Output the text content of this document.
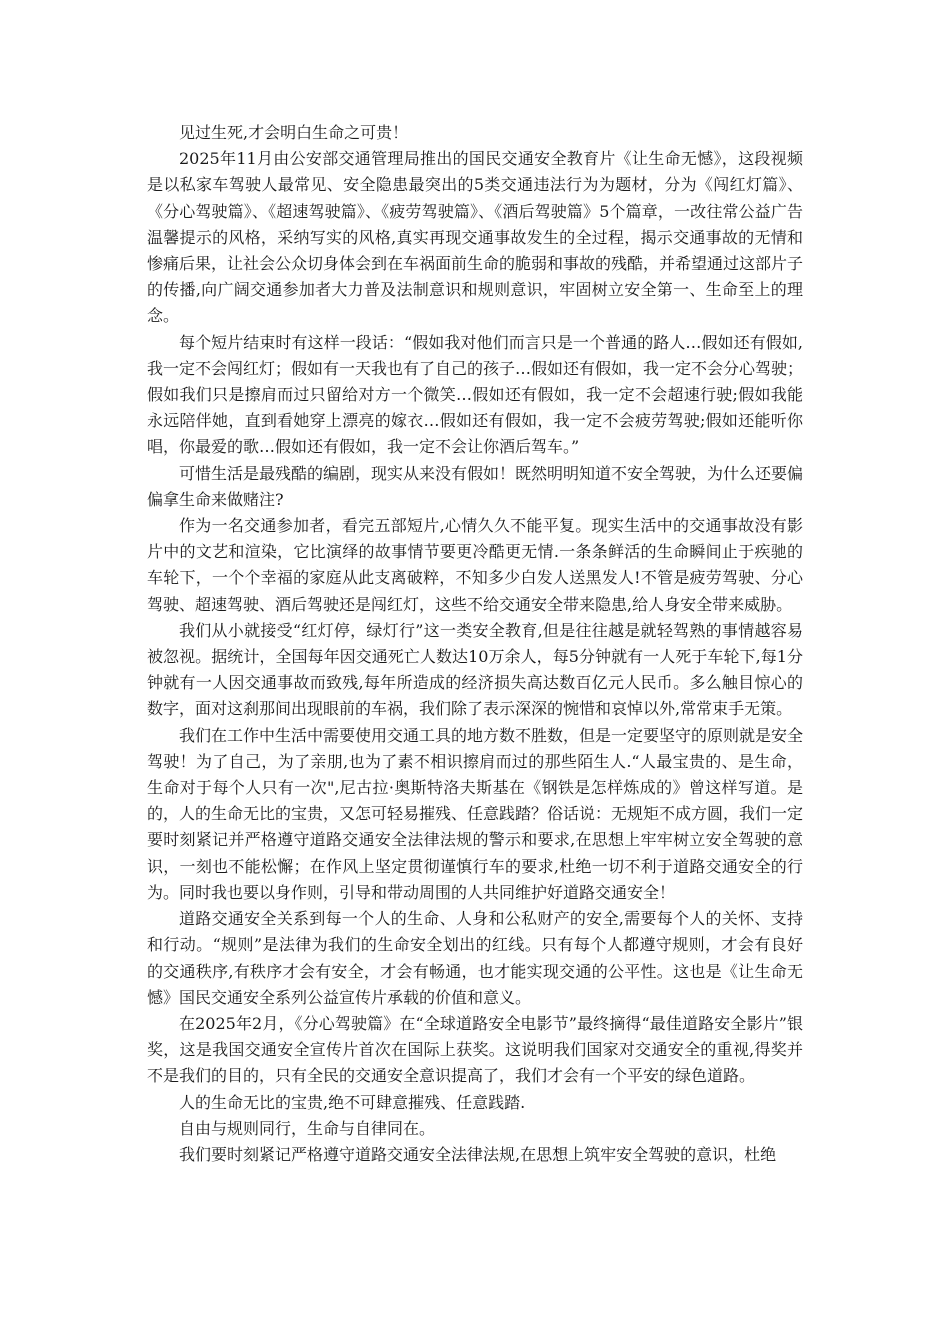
见过生死,才会明白生命之可贵！

2025年11月由公安部交通管理局推出的国民交通安全教育片《让生命无憾》，这段视频是以私家车驾驶人最常见、安全隐患最突出的5类交通违法行为为题材，分为《闯红灯篇》、《分心驾驶篇》、《超速驾驶篇》、《疲劳驾驶篇》、《酒后驾驶篇》5个篇章，一改往常公益广告温馨提示的风格，采纳写实的风格,真实再现交通事故发生的全过程，揭示交通事故的无情和惨痛后果，让社会公众切身体会到在车祸面前生命的脆弱和事故的残酷，并希望通过这部片子的传播,向广阔交通参加者大力普及法制意识和规则意识，牢固树立安全第一、生命至上的理念。

每个短片结束时有这样一段话：“假如我对他们而言只是一个普通的路人…假如还有假如,我一定不会闯红灯；假如有一天我也有了自己的孩子…假如还有假如，我一定不会分心驾驶；假如我们只是擦肩而过只留给对方一个微笑…假如还有假如，我一定不会超速行驶;假如我能永远陪伴她，直到看她穿上漂亮的嫁衣…假如还有假如，我一定不会疲劳驾驶;假如还能听你唱，你最爱的歌…假如还有假如，我一定不会让你酒后驾车。”

可惜生活是最残酷的编剧，现实从来没有假如！既然明明知道不安全驾驶，为什么还要偏偏拿生命来做赌注?

作为一名交通参加者，看完五部短片,心情久久不能平复。现实生活中的交通事故没有影片中的文艺和渲染，它比演绎的故事情节要更冷酷更无情.一条条鲜活的生命瞬间止于疾驰的车轮下，一个个幸福的家庭从此支离破粹，不知多少白发人送黑发人!不管是疲劳驾驶、分心驾驶、超速驾驶、酒后驾驶还是闯红灯，这些不给交通安全带来隐患,给人身安全带来威胁。

我们从小就接受“红灯停，绿灯行”这一类安全教育,但是往往越是就轻驾熟的事情越容易被忽视。据统计，全国每年因交通死亡人数达10万余人，每5分钟就有一人死于车轮下,每1分钟就有一人因交通事故而致残,每年所造成的经济损失高达数百亿元人民币。多么触目惊心的数字，面对这刹那间出现眼前的车祸，我们除了表示深深的惋惜和哀悼以外,常常束手无策。

我们在工作中生活中需要使用交通工具的地方数不胜数，但是一定要坚守的原则就是安全驾驶！为了自己，为了亲朋,也为了素不相识擦肩而过的那些陌生人.“人最宝贵的、是生命，生命对于每个人只有一次",尼古拉·奥斯特洛夫斯基在《钢铁是怎样炼成的》曾这样写道。是的，人的生命无比的宝贵，又怎可轻易摧残、任意践踏？俗话说：无规矩不成方圆，我们一定要时刻紧记并严格遵守道路交通安全法律法规的警示和要求,在思想上牢牢树立安全驾驶的意识，一刻也不能松懈；在作风上坚定贯彻谨慎行车的要求,杜绝一切不利于道路交通安全的行为。同时我也要以身作则，引导和带动周围的人共同维护好道路交通安全！

道路交通安全关系到每一个人的生命、人身和公私财产的安全,需要每个人的关怀、支持和行动。“规则”是法律为我们的生命安全划出的红线。只有每个人都遵守规则，才会有良好的交通秩序,有秩序才会有安全，才会有畅通，也才能实现交通的公平性。这也是《让生命无憾》国民交通安全系列公益宣传片承载的价值和意义。

在2025年2月，《分心驾驶篇》在“全球道路安全电影节”最终摘得“最佳道路安全影片”银奖，这是我国交通安全宣传片首次在国际上获奖。这说明我们国家对交通安全的重视,得奖并不是我们的目的，只有全民的交通安全意识提高了，我们才会有一个平安的绿色道路。

人的生命无比的宝贵,绝不可肆意摧残、任意践踏.

自由与规则同行，生命与自律同在。

我们要时刻紧记严格遵守道路交通安全法律法规,在思想上筑牢安全驾驶的意识，杜绝
